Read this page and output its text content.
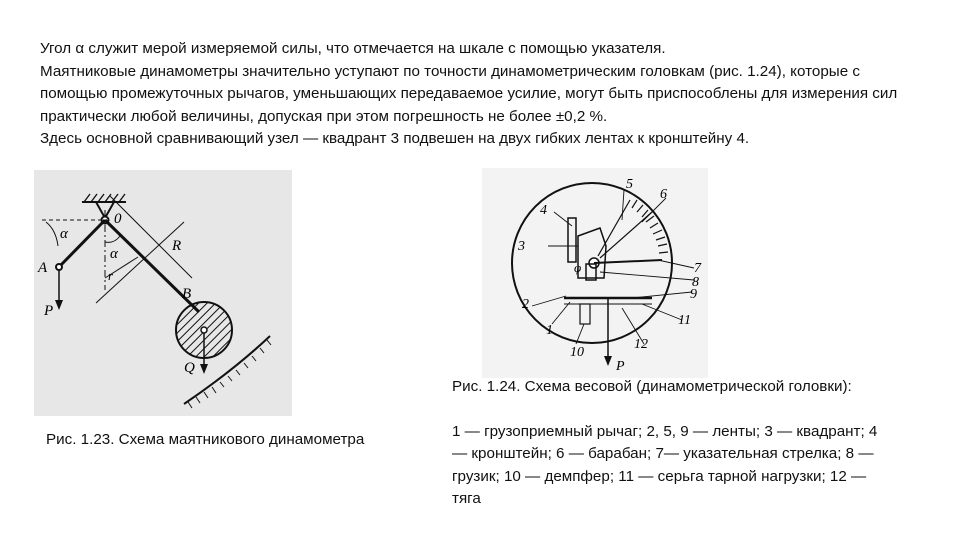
Угол α служит мерой измеряемой силы, что отмечается на шкале с помощью указателя.

Маятниковые динамометры значительно уступают по точности динамометрическим головкам (рис. 1.24), которые с помощью промежуточных рычагов, уменьшающих передаваемое усилие, могут быть приспособлены для измерения сил практически любой величины, допуская при этом погрешность не более ±0,2 %.

Здесь основной сравнивающий узел — квадрант 3 подвешен на двух гибких лентах к кронштейну 4.

α
α
0
A
B
R
r
P
Q
4
3
2
1
10
5
6
7
8
9
11
12
φ
P
Рис. 1.23. Схема маятникового динамометра

Рис. 1.24. Схема весовой (динамометрической головки):

1 — грузоприемный рычаг; 2, 5, 9 — ленты; 3 — квадрант; 4 — кронштейн; 6 — барабан; 7— указательная стрелка; 8 — грузик; 10 — демпфер; 11 — серьга тарной нагрузки; 12 — тяга
